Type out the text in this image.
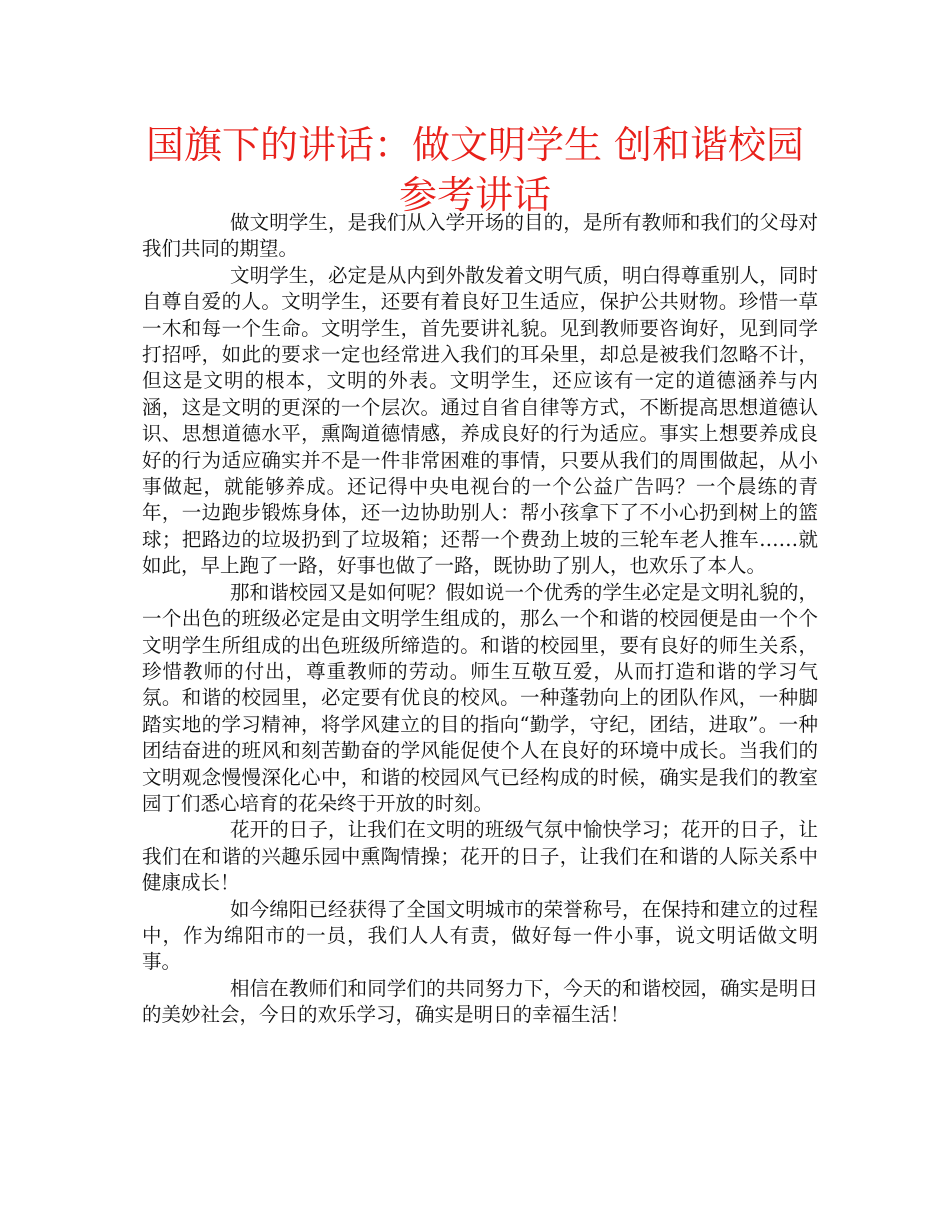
国旗下的讲话：做文明学生 创和谐校园参考讲话

做文明学生，是我们从入学开场的目的，是所有教师和我们的父母对我们共同的期望。

文明学生，必定是从内到外散发着文明气质，明白得尊重别人，同时自尊自爱的人。文明学生，还要有着良好卫生适应，保护公共财物。珍惜一草一木和每一个生命。文明学生，首先要讲礼貌。见到教师要咨询好，见到同学打招呼，如此的要求一定也经常进入我们的耳朵里，却总是被我们忽略不计，但这是文明的根本，文明的外表。文明学生，还应该有一定的道德涵养与内涵，这是文明的更深的一个层次。通过自省自律等方式，不断提高思想道德认识、思想道德水平，熏陶道德情感，养成良好的行为适应。事实上想要养成良好的行为适应确实并不是一件非常困难的事情，只要从我们的周围做起，从小事做起，就能够养成。还记得中央电视台的一个公益广告吗？一个晨练的青年，一边跑步锻炼身体，还一边协助别人：帮小孩拿下了不小心扔到树上的篮球；把路边的垃圾扔到了垃圾箱；还帮一个费劲上坡的三轮车老人推车……就如此，早上跑了一路，好事也做了一路，既协助了别人，也欢乐了本人。

那和谐校园又是如何呢？假如说一个优秀的学生必定是文明礼貌的，一个出色的班级必定是由文明学生组成的，那么一个和谐的校园便是由一个个文明学生所组成的出色班级所缔造的。和谐的校园里，要有良好的师生关系，珍惜教师的付出，尊重教师的劳动。师生互敬互爱，从而打造和谐的学习气氛。和谐的校园里，必定要有优良的校风。一种蓬勃向上的团队作风，一种脚踏实地的学习精神，将学风建立的目的指向“勤学，守纪，团结，进取”。一种团结奋进的班风和刻苦勤奋的学风能促使个人在良好的环境中成长。当我们的文明观念慢慢深化心中，和谐的校园风气已经构成的时候，确实是我们的教室园丁们悉心培育的花朵终于开放的时刻。

花开的日子，让我们在文明的班级气氛中愉快学习；花开的日子，让我们在和谐的兴趣乐园中熏陶情操；花开的日子，让我们在和谐的人际关系中健康成长！

如今绵阳已经获得了全国文明城市的荣誉称号，在保持和建立的过程中，作为绵阳市的一员，我们人人有责，做好每一件小事，说文明话做文明事。

相信在教师们和同学们的共同努力下，今天的和谐校园，确实是明日的美妙社会，今日的欢乐学习，确实是明日的幸福生活！
